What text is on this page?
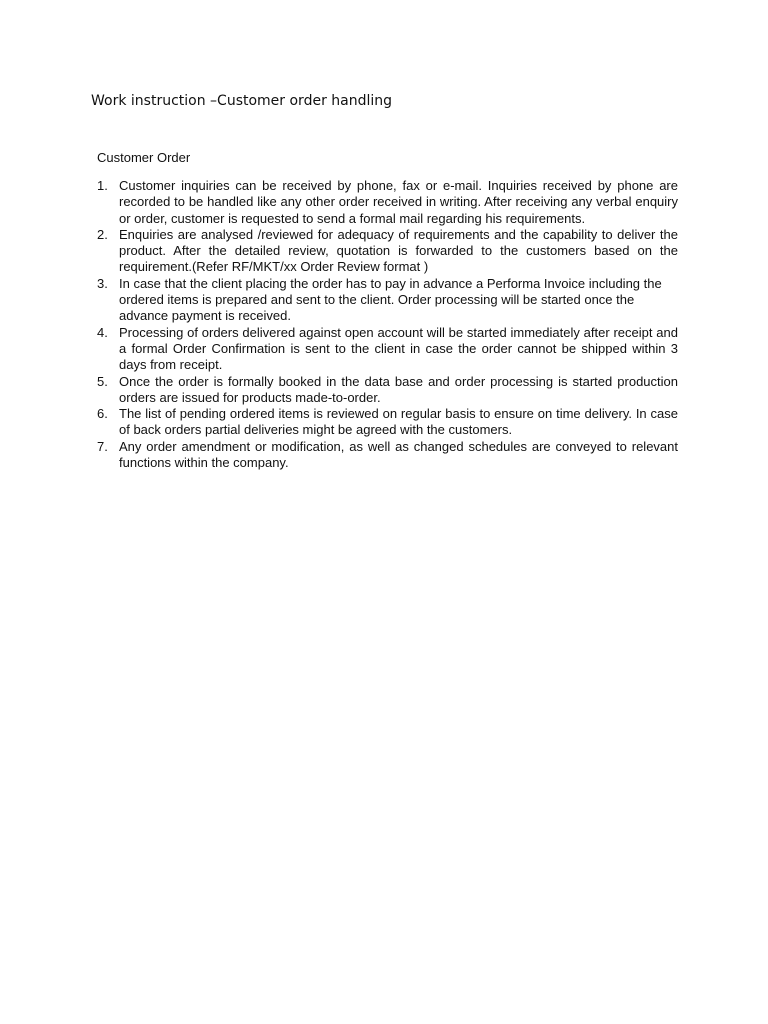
Work instruction –Customer order handling
Customer Order
1. Customer inquiries can be received by phone, fax or e-mail. Inquiries received by phone are recorded to be handled like any other order received in writing. After receiving any verbal enquiry or order, customer is requested to send a formal mail regarding his requirements.
2. Enquiries are analysed /reviewed for adequacy of requirements and the capability to deliver the product. After the detailed review, quotation is forwarded to the customers based on the requirement.(Refer RF/MKT/xx Order Review format )
3. In case that the client placing the order has to pay in advance a Performa Invoice including the ordered items is prepared and sent to the client. Order processing will be started once the advance payment is received.
4. Processing of orders delivered against open account will be started immediately after receipt and a formal Order Confirmation is sent to the client in case the order cannot be shipped within 3 days from receipt.
5. Once the order is formally booked in the data base and order processing is started production orders are issued for products made-to-order.
6. The list of pending ordered items is reviewed on regular basis to ensure on time delivery. In case of back orders partial deliveries might be agreed with the customers.
7. Any order amendment or modification, as well as changed schedules are conveyed to relevant functions within the company.
